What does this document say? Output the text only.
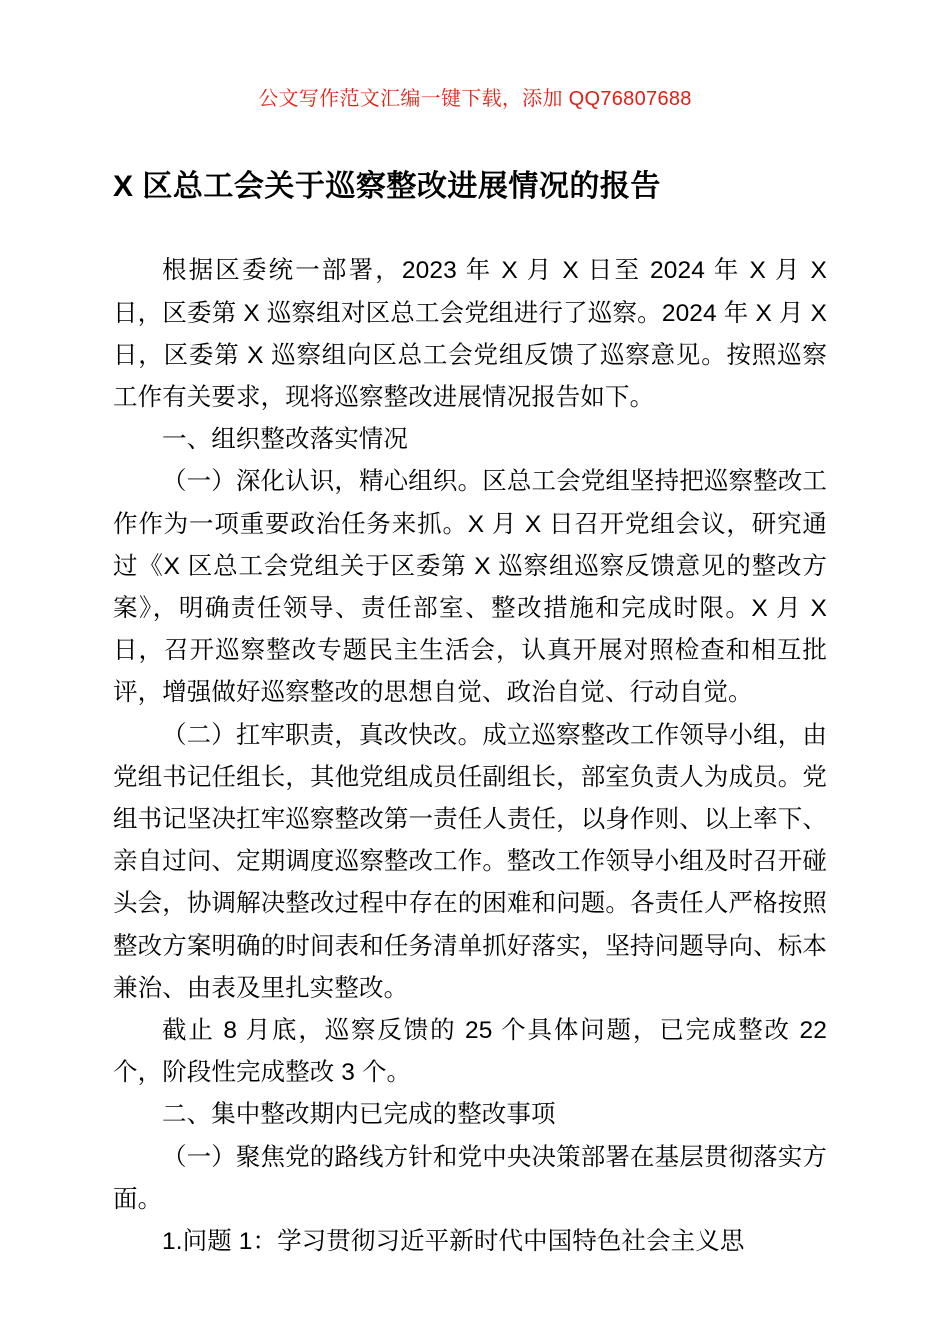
公文写作范文汇编一键下载，添加 QQ76807688
X 区总工会关于巡察整改进展情况的报告

根据区委统一部署，2023 年 X 月 X 日至 2024 年 X 月 X 日，区委第 X 巡察组对区总工会党组进行了巡察。2024 年 X 月 X 日，区委第 X 巡察组向区总工会党组反馈了巡察意见。按照巡察工作有关要求，现将巡察整改进展情况报告如下。

一、组织整改落实情况

（一）深化认识，精心组织。区总工会党组坚持把巡察整改工作作为一项重要政治任务来抓。X 月 X 日召开党组会议，研究通过《X 区总工会党组关于区委第 X 巡察组巡察反馈意见的整改方案》，明确责任领导、责任部室、整改措施和完成时限。X 月 X 日，召开巡察整改专题民主生活会，认真开展对照检查和相互批评，增强做好巡察整改的思想自觉、政治自觉、行动自觉。

（二）扛牢职责，真改快改。成立巡察整改工作领导小组，由党组书记任组长，其他党组成员任副组长，部室负责人为成员。党组书记坚决扛牢巡察整改第一责任人责任，以身作则、以上率下、亲自过问、定期调度巡察整改工作。整改工作领导小组及时召开碰头会，协调解决整改过程中存在的困难和问题。各责任人严格按照整改方案明确的时间表和任务清单抓好落实，坚持问题导向、标本兼治、由表及里扎实整改。

截止 8 月底，巡察反馈的 25 个具体问题，已完成整改 22 个，阶段性完成整改 3 个。

二、集中整改期内已完成的整改事项

（一）聚焦党的路线方针和党中央决策部署在基层贯彻落实方面。

1.问题 1：学习贯彻习近平新时代中国特色社会主义思
